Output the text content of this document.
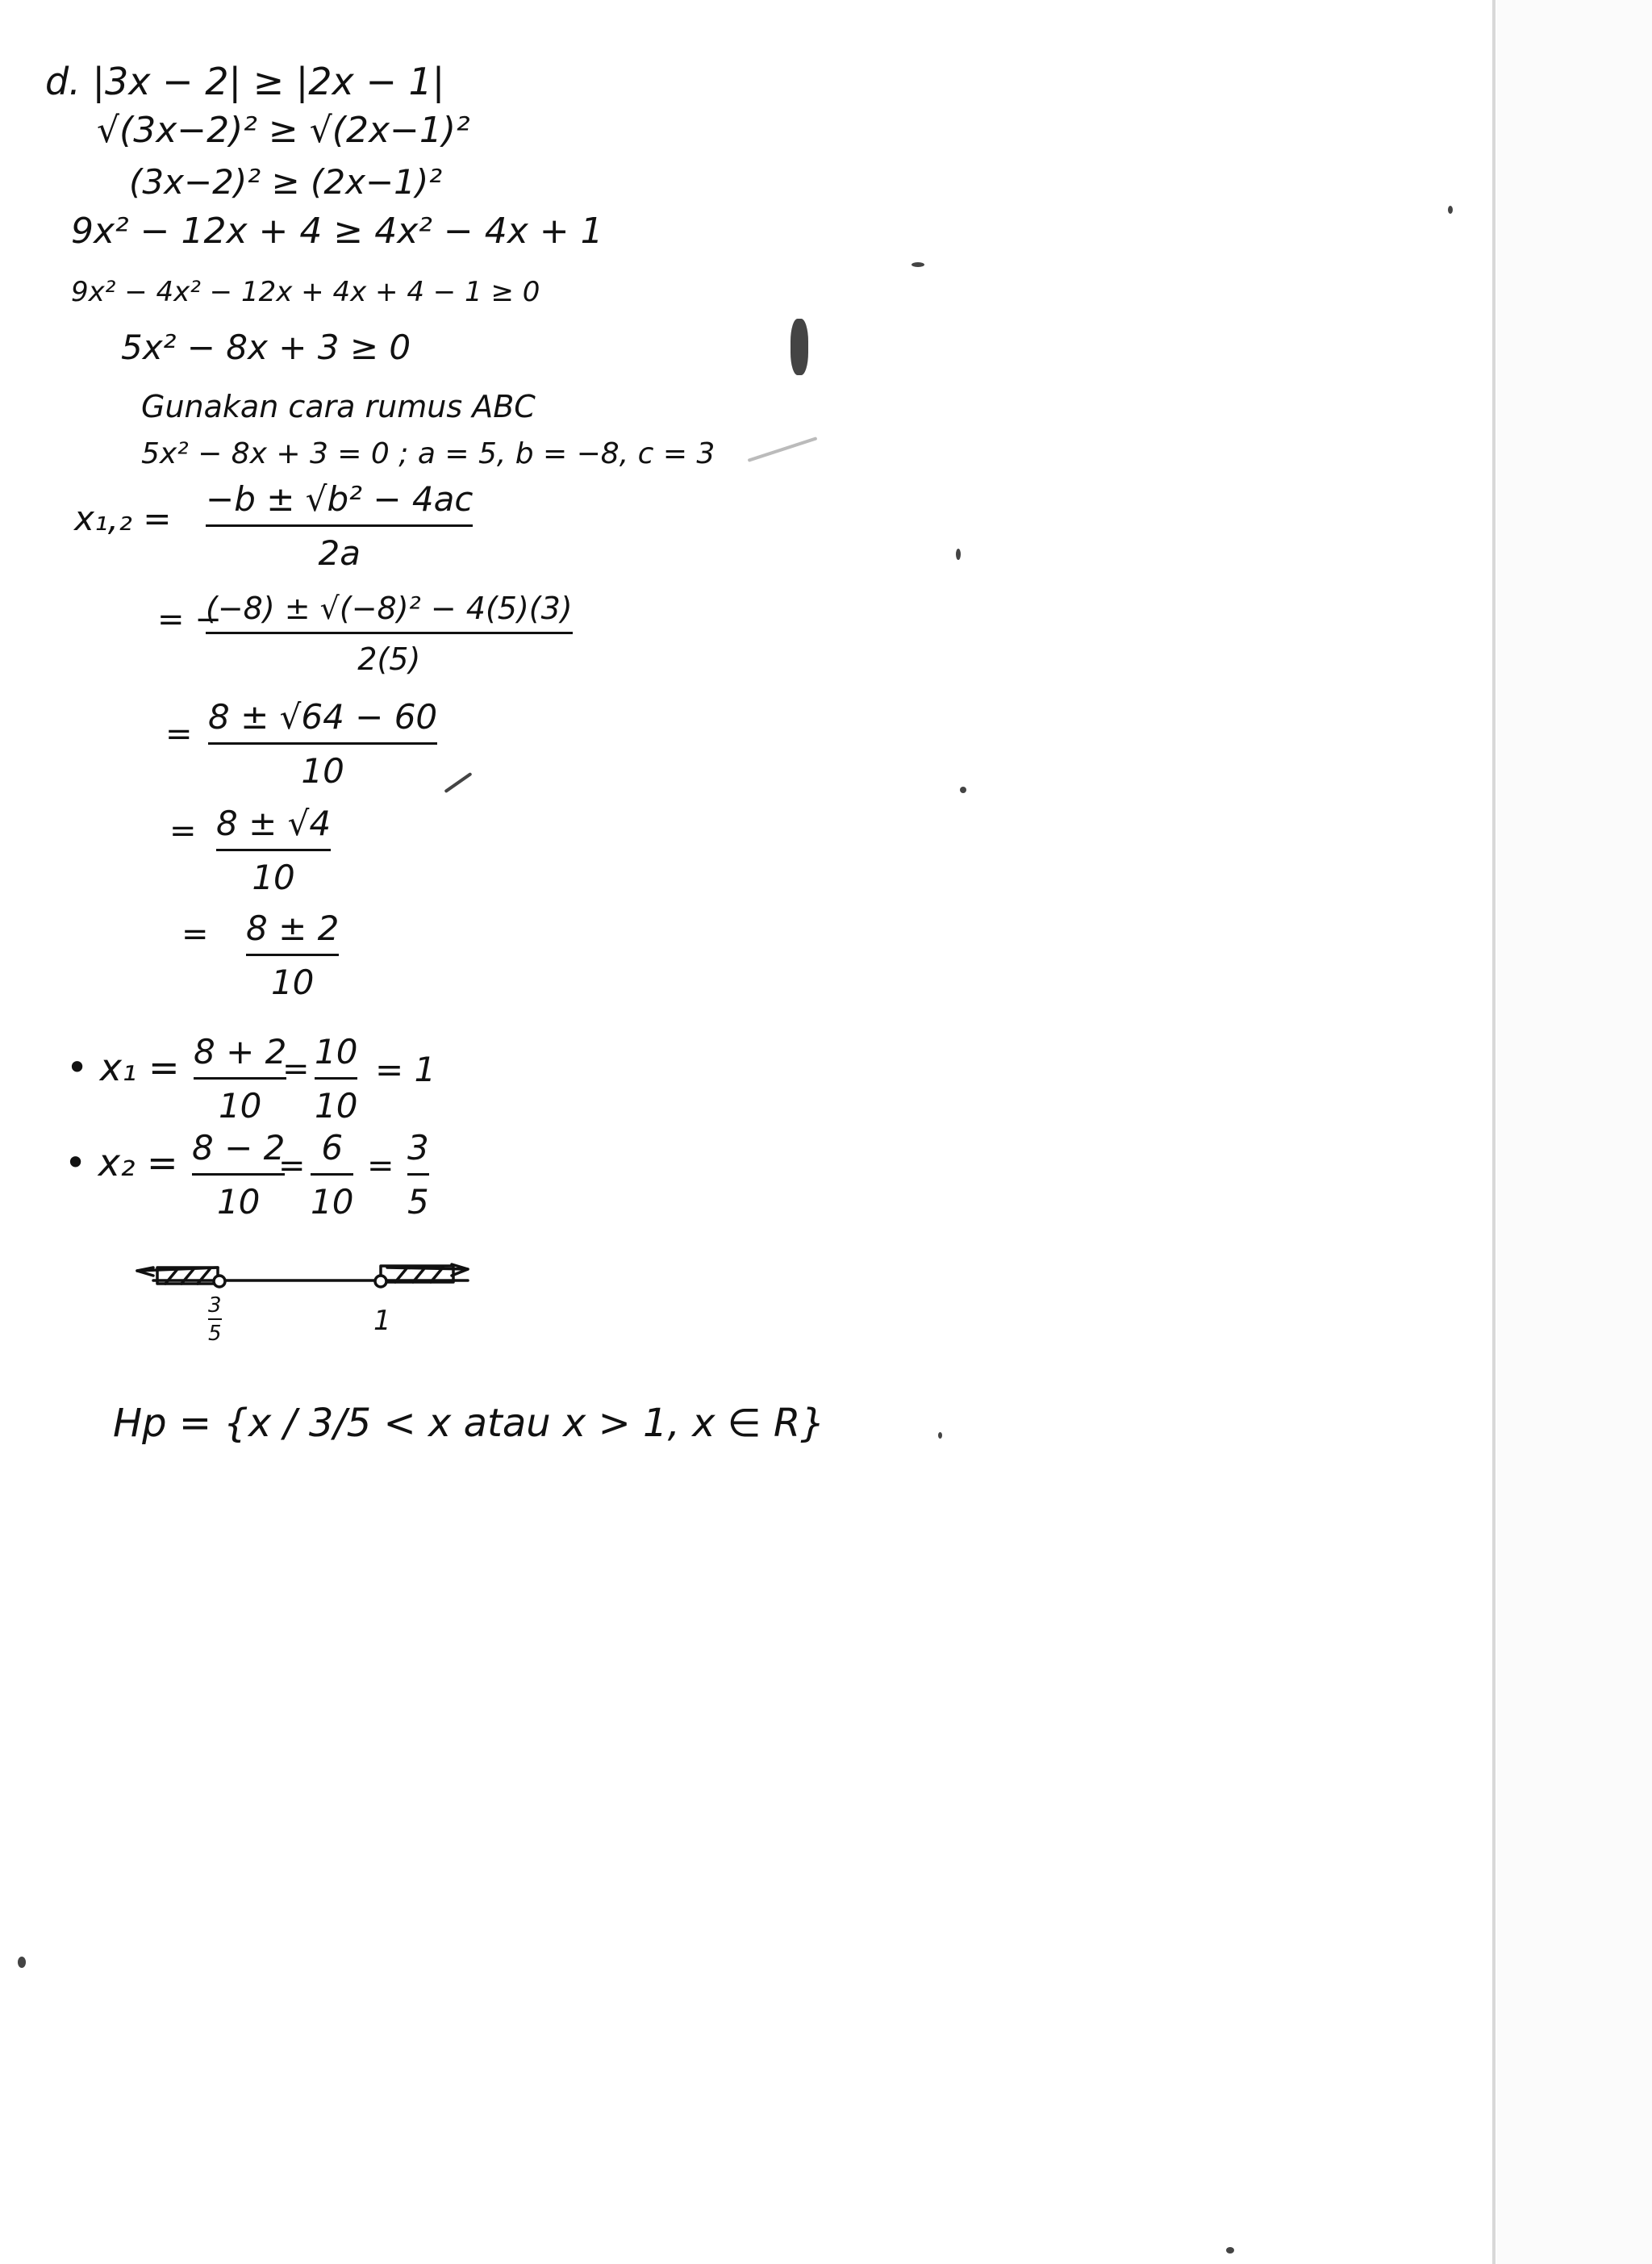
d. |3x − 2| ≥ |2x − 1|
√(3x−2)² ≥ √(2x−1)²
(3x−2)² ≥ (2x−1)²
9x² − 12x + 4 ≥ 4x² − 4x + 1
9x² − 4x² − 12x + 4x + 4 − 1 ≥ 0
5x² − 8x + 3 ≥ 0
Gunakan cara rumus ABC
5x² − 8x + 3 = 0 ; a = 5, b = −8, c = 3
x₁,₂ = −b ± √b² − 4ac
2a
= −
(−8) ± √(−8)² − 4(5)(3)
2(5)
= 8 ± √64 − 60
10
= 8 ± √4
10
= 8 ± 2
10
• x₁ = 8 + 2
10
= 10
10
= 1
• x₂ = 8 − 2
10
= 6
10
= 3
5
3
5	1
Hp = {x / 3/5 < x atau x > 1, x ∈ R}
